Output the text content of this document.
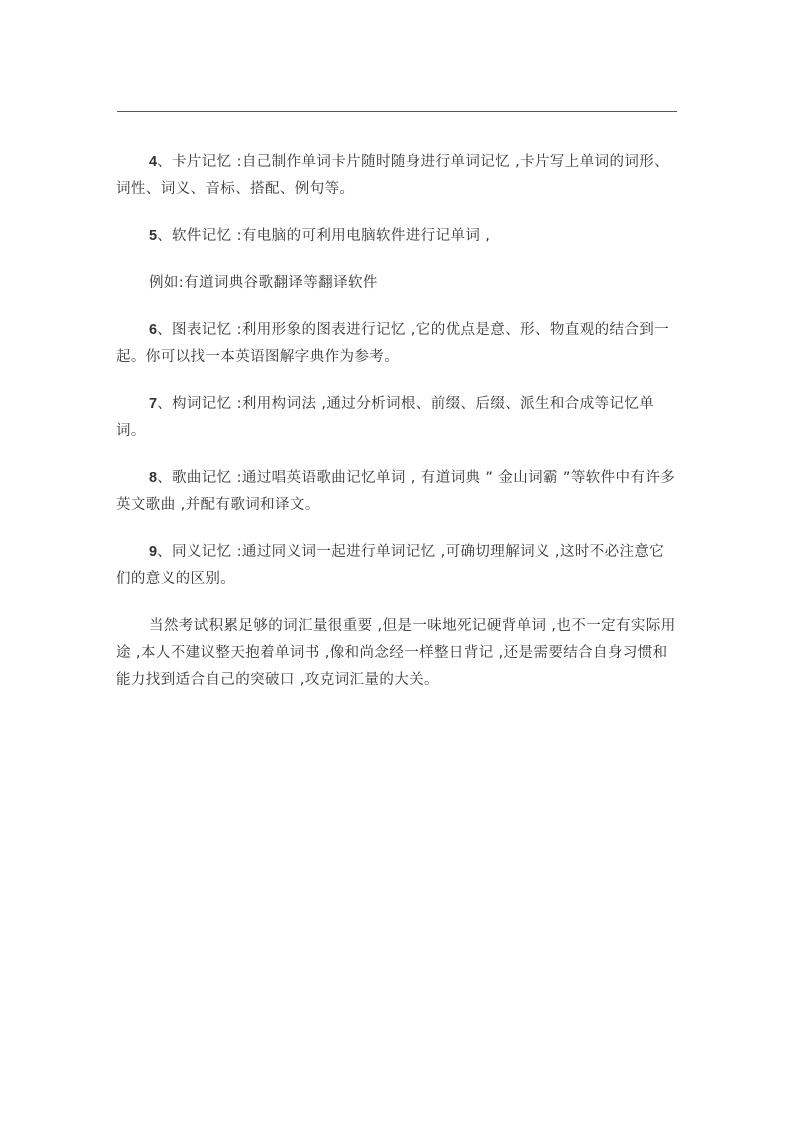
4、卡片记忆 :自己制作单词卡片随时随身进行单词记忆 ,卡片写上单词的词形、词性、词义、音标、搭配、例句等。

5、软件记忆 :有电脑的可利用电脑软件进行记单词 ,

例如:有道词典谷歌翻译等翻译软件

6、图表记忆 :利用形象的图表进行记忆 ,它的优点是意、形、物直观的结合到一起。你可以找一本英语图解字典作为参考。

7、构词记忆 :利用构词法 ,通过分析词根、前缀、后缀、派生和合成等记忆单词。

8、歌曲记忆 :通过唱英语歌曲记忆单词 , 有道词典 ” 金山词霸 ”等软件中有许多英文歌曲 ,并配有歌词和译文。

9、同义记忆 :通过同义词一起进行单词记忆 ,可确切理解词义 ,这时不必注意它们的意义的区别。

当然考试积累足够的词汇量很重要 ,但是一味地死记硬背单词 ,也不一定有实际用途 ,本人不建议整天抱着单词书 ,像和尚念经一样整日背记 ,还是需要结合自身习惯和能力找到适合自己的突破口 ,攻克词汇量的大关。
